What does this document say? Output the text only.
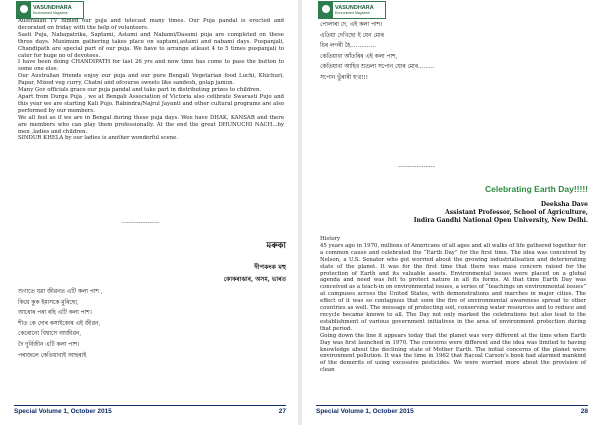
VASUNDHARA
Environment Magazine

Australian TV filmed our puja and telecast many times. Our Puja pandal is erected and decorated on friday with the help of volunteers.

Sasti Puja, Nabapatrika, Saptami, Astami and Nabami/Dasami puja are completed on these three days. Maximum gathering takes place on saptami,astami and nabami days. Puspanjali, Chandipath are special part of our puja. We have to arrange atleast 4 to 5 times puspanjali to cater for huge no of devotees.

I have been doing CHANDIPATH for last 26 yrs and now time has come to pass the button to some one else.

Our Australian friends enjoy our puja and our pure Bengali Vegetarian food Luchi, Khichuri, Papar, Mixed veg curry, Chatni and ofcourse sweets like sandesh, golap jamun.

Many Gov officials grace our puja pandal and take part in distributing prizes to children.

Apart from Durga Puja , we at Bengali Association of Victoria also celibrate Swarasti Pujo and this year we are starting Kali Pujo. Rabindra/Najrul Jayanti and other cultural programs are also performed by our members.

We all feel as if we are in Bengal during these puja days. Wee have DHAK, KANSAR and there are members who can play them professionally. At the end the great DHUNUCHI NACH...by men ,ladies and children.

SINDUR KHELA by our ladies is another wonderful scene.

----------------
মৰুকা
দীপকংক মহু
কোকৰাঝাৰ, অসম, ভাৰত
শুণাতে যৱা জীৱনত এটি কলা পাশ ,
কিয়ে কুক ইমাসকে মুৰিছো,
আৰোৰ পৰা ৰহি এটি কলা পাশ।
শীত কে দোৰ কসাইকোৰ এই জীৱন,
কেৰোনো বিশ্বাসে আজীৱন,
দৈ দুৰ্বিজীন এটি কলা পাশ।
পৰাজলে কেতিয়াবাই আহুৰাই
Special Volume 1, October 2015	27
VASUNDHARA
Environment Magazine
পোলাৰা দে, এই কলা পাশ।
এতিয়া দেখিছো ই যেন মোৰ
চিৰ লগৰী হৈ..............
কেতিয়াবা আঁতৰিৰ এই কলা পাশ,
কেতিয়াবা আহিব শুভ্ৰলা সপোন যোৰ মোৰ.........
সপোন ভুঁৰাৰী হ'ৱ!!!
----------------
Celebrating Earth Day!!!!!
Deeksha Dave
Assistant Professor, School of Agriculture,
Indira Gandhi National Open University, New Delhi.

History

45 years ago in 1970, millions of Americans of all ages and all walks of life gathered together for a common cause and celebrated the “Earth Day” for the first time. The idea was conceived by Nelson, a U.S. Senator who got worried about the growing industrialisation and deteriorating state of the planet. It was for the first time that there was mass concern raised for the protection of Earth and its valuable assets. Environmental issues were placed on a global agenda and need was felt to protect nature in all its forms. At that time Earth Day was conceived as a teach-in on environmental issues, a series of “teachings on environmental issues” at campuses across the United States, with demonstrations and marches in major cities. The effect of it was so contagious that soon the fire of environmental awareness spread to other countries as well. The message of protecting soil, conserving water resources and to reduce and recycle became known to all. The Day not only marked the celebrations but also lead to the establishment of various government initiatives in the area of environment protection during that period.

Going down the line it appears today that the planet was very different at the time when Earth Day was first launched in 1970. The concerns were different and the idea was limited to having knowledge about the declining state of Mother Earth. The initial concerns of the planet were environment pollution. It was the time in 1962 that Racoal Carson’s book had alarmed mankind of the demerits of using excessive pesticides. We were worried more about the provision of clean

Special Volume 1, October 2015	28
